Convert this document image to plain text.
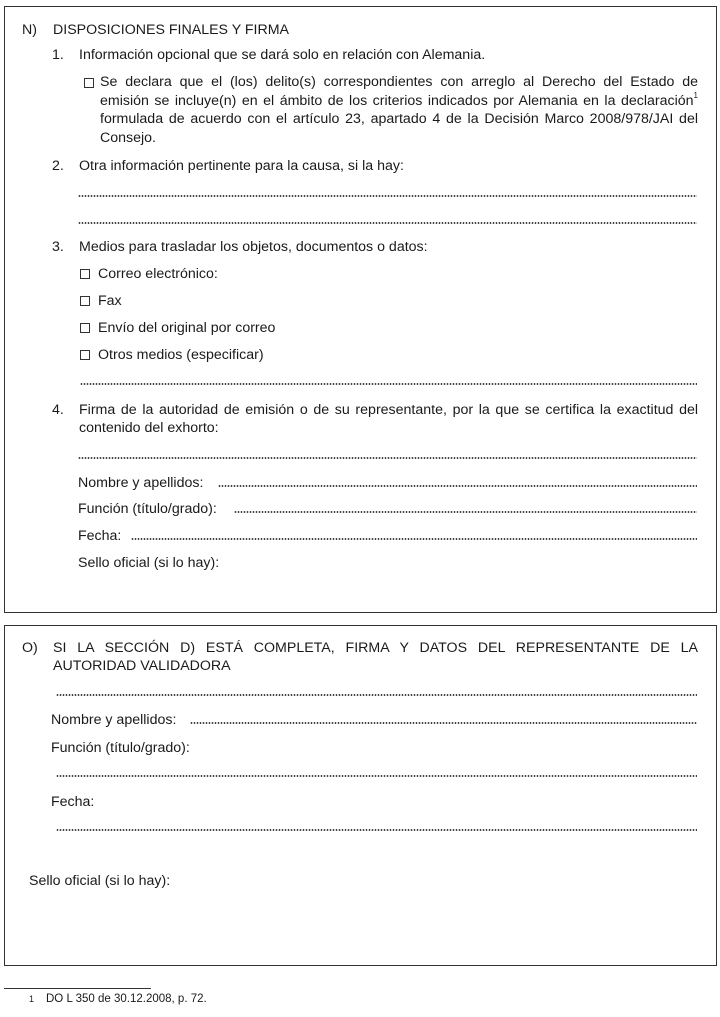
N) DISPOSICIONES FINALES Y FIRMA
1. Información opcional que se dará solo en relación con Alemania.
Se declara que el (los) delito(s) correspondientes con arreglo al Derecho del Estado de emisión se incluye(n) en el ámbito de los criterios indicados por Alemania en la declaración$^1$ formulada de acuerdo con el artículo 23, apartado 4 de la Decisión Marco 2008/978/JAI del Consejo.
2. Otra información pertinente para la causa, si la hay:
3. Medios para trasladar los objetos, documentos o datos:
Correo electrónico:
Fax
Envío del original por correo
Otros medios (especificar)
4. Firma de la autoridad de emisión o de su representante, por la que se certifica la exactitud del contenido del exhorto:
Nombre y apellidos:
Función (título/grado):
Fecha:
Sello oficial (si lo hay):
O) SI LA SECCIÓN D) ESTÁ COMPLETA, FIRMA Y DATOS DEL REPRESENTANTE DE LA AUTORIDAD VALIDADORA
Nombre y apellidos:
Función (título/grado):
Fecha:
Sello oficial (si lo hay):
1 DO L 350 de 30.12.2008, p. 72.
